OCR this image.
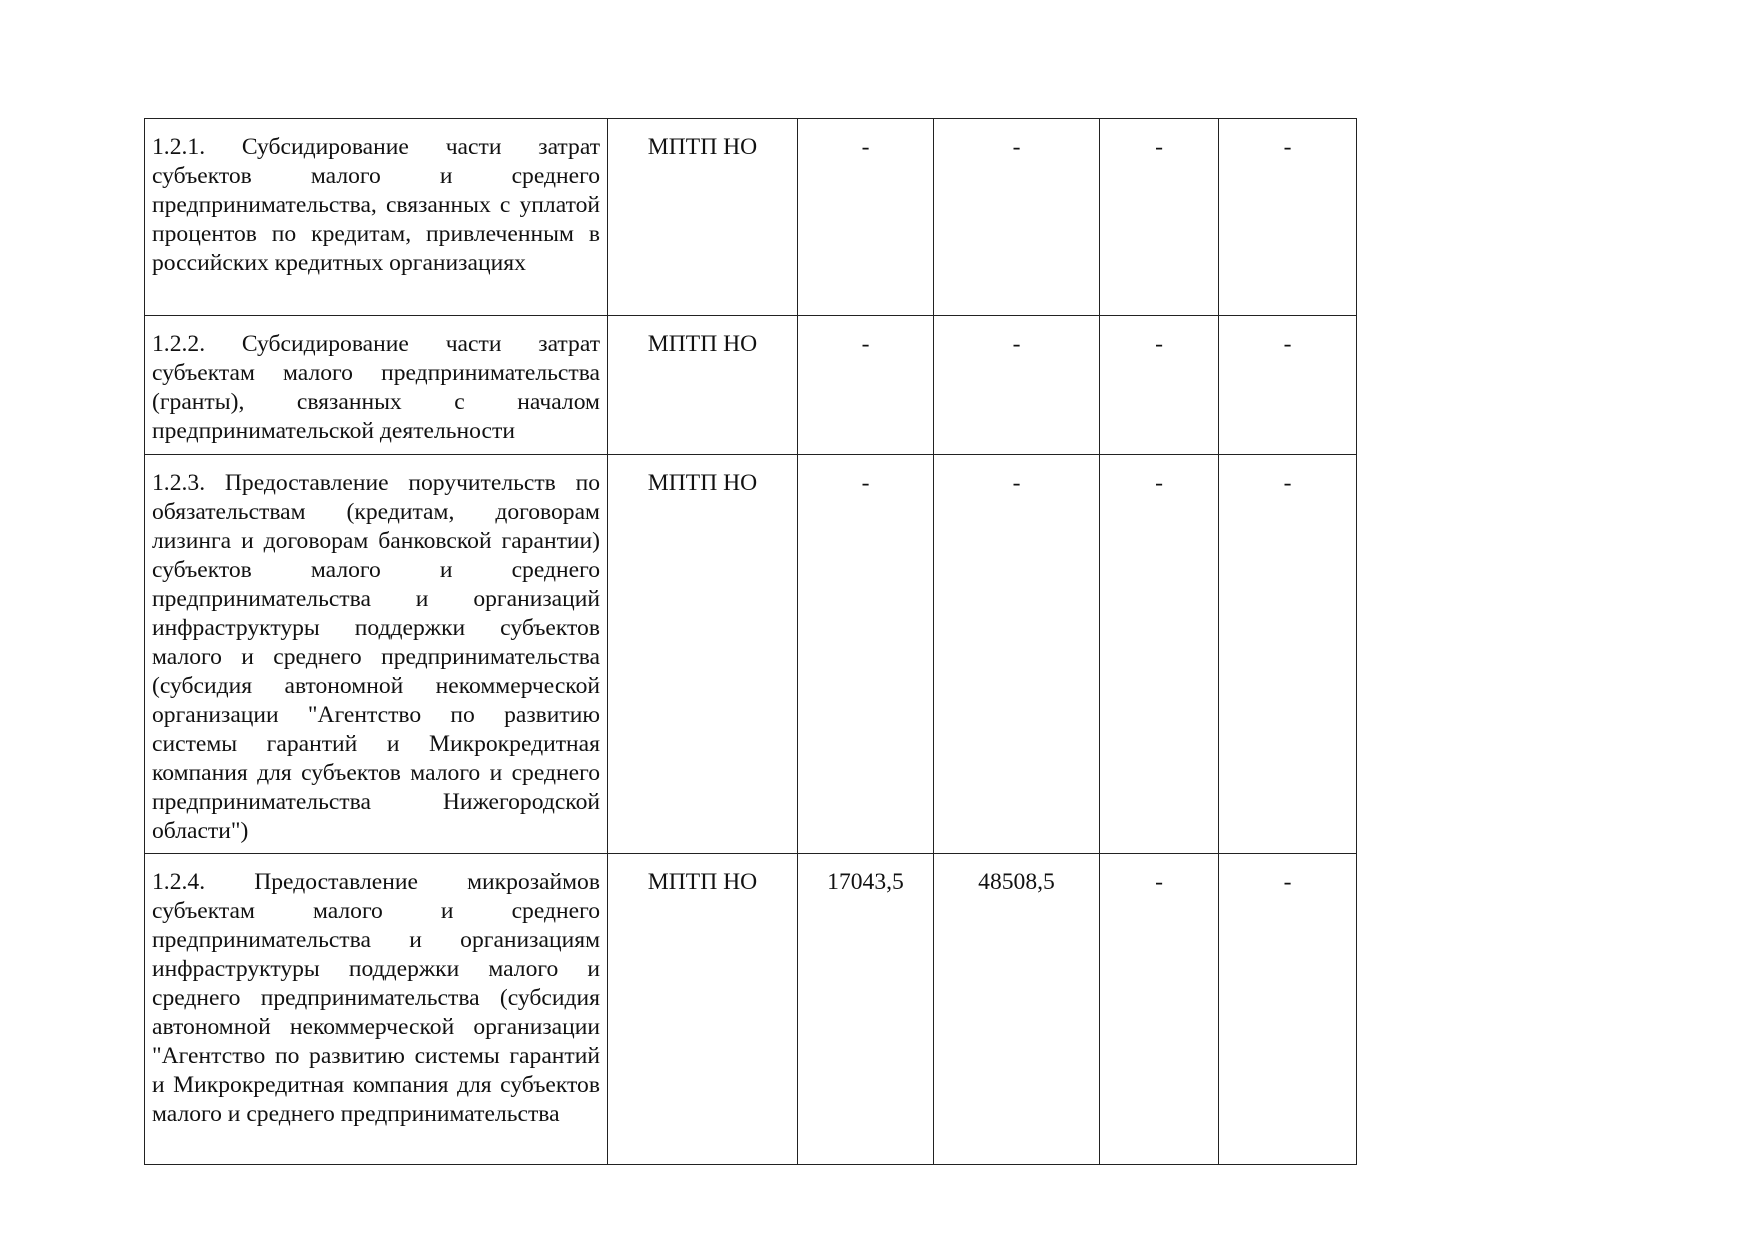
1.2.1. Субсидирование части затрат субъектов малого и среднего предпринимательства, связанных с уплатой процентов по кредитам, привлеченным в российских кредитных организациях	МПТП НО	-	-	-	-
1.2.2. Субсидирование части затрат субъектам малого предпринимательства (гранты), связанных с началом предпринимательской деятельности	МПТП НО	-	-	-	-
1.2.3. Предоставление поручительств по обязательствам (кредитам, договорам лизинга и договорам банковской гарантии) субъектов малого и среднего предпринимательства и организаций инфраструктуры поддержки субъектов малого и среднего предпринимательства (субсидия автономной некоммерческой организации "Агентство по развитию системы гарантий и Микрокредитная компания для субъектов малого и среднего предпринимательства Нижегородской области")	МПТП НО	-	-	-	-

1.2.4. Предоставление микрозаймов субъектам малого и среднего предпринимательства и организациям инфраструктуры поддержки малого и среднего предпринимательства (субсидия автономной некоммерческой организации "Агентство по развитию системы гарантий и Микрокредитная компания для субъектов малого и среднего предпринимательства	МПТП НО	17043,5	48508,5	-	-
